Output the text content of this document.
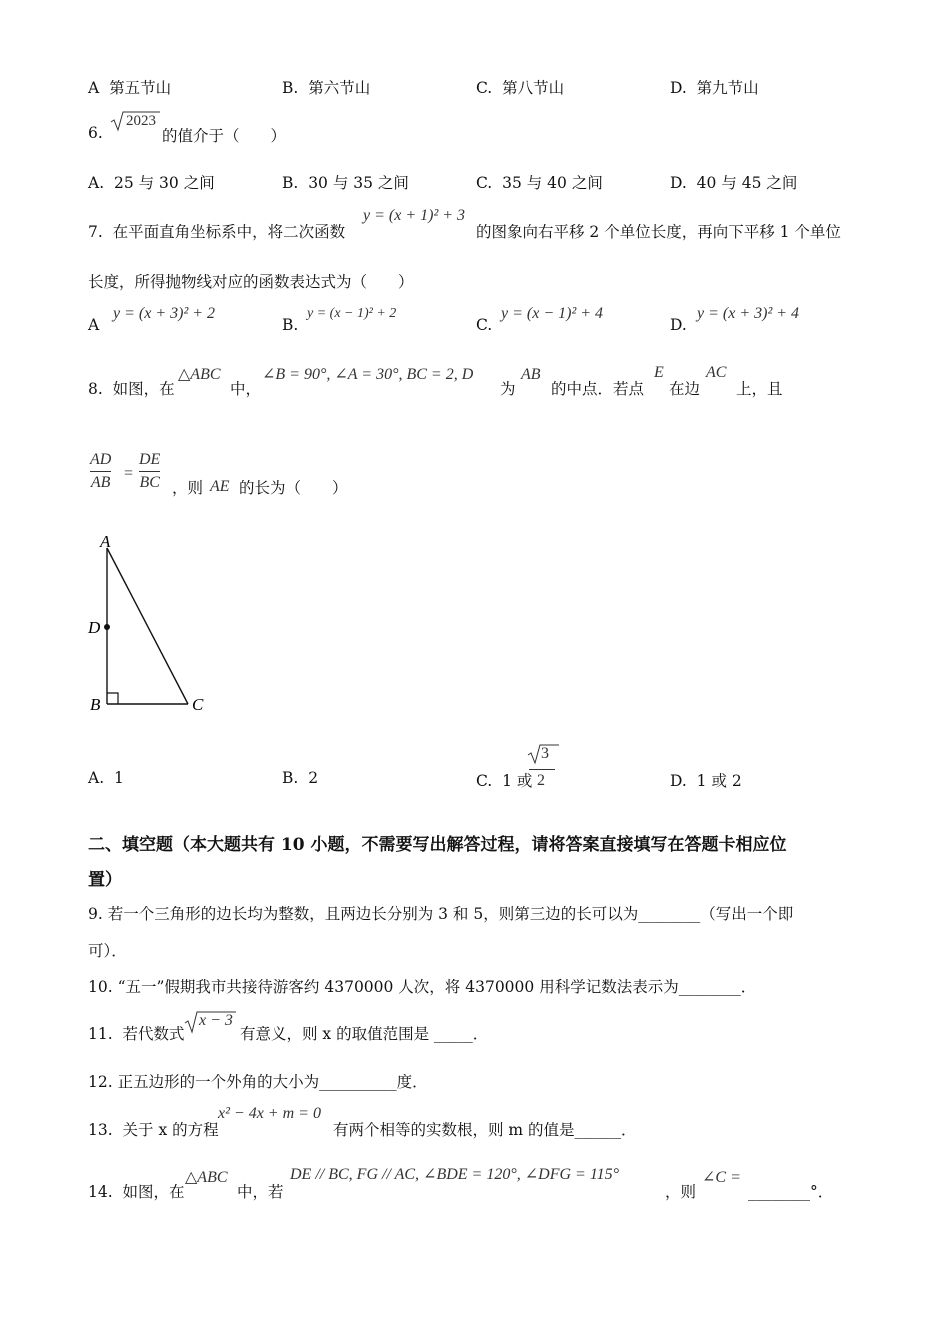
A 第五节山	B. 第六节山	C. 第八节山	D. 第九节山
6.
2023
的值介于（　　）
A. 25 与 30 之间	B. 30 与 35 之间	C. 35 与 40 之间	D. 40 与 45 之间
7. 在平面直角坐标系中，将二次函数
y = (x + 1)² + 3
的图象向右平移 2 个单位长度，再向下平移 1 个单位
长度，所得抛物线对应的函数表达式为（　　）
A
y = (x + 3)² + 2
B.
y = (x − 1)² + 2
C.
y = (x − 1)² + 4
D.
y = (x + 3)² + 4
8. 如图，在
△ABC
中，
∠B = 90°, ∠A = 30°, BC = 2, D
为
AB
的中点．若点
E
在边
AC
上，且
AD
AB
=
DE
BC ，则 AE 的长为（　　）
A
D
B	C
A. 1	B. 2	C. 1 或
3
2	D. 1 或 2
二、填空题（本大题共有 10 小题，不需要写出解答过程，请将答案直接填写在答题卡相应位
置）
9. 若一个三角形的边长均为整数，且两边长分别为 3 和 5，则第三边的长可以为________（写出一个即
可）．
10. “五一”假期我市共接待游客约 4370000 人次，将 4370000 用科学记数法表示为________．
11. 若代数式
x − 3
有意义，则 x 的取值范围是 _____．
12. 正五边形的一个外角的大小为__________度．
13. 关于 x 的方程
x² − 4x + m = 0
有两个相等的实数根，则 m 的值是______．
14. 如图，在
△ABC
中，若
DE // BC, FG // AC, ∠BDE = 120°, ∠DFG = 115°
，则
∠C =
________°．
